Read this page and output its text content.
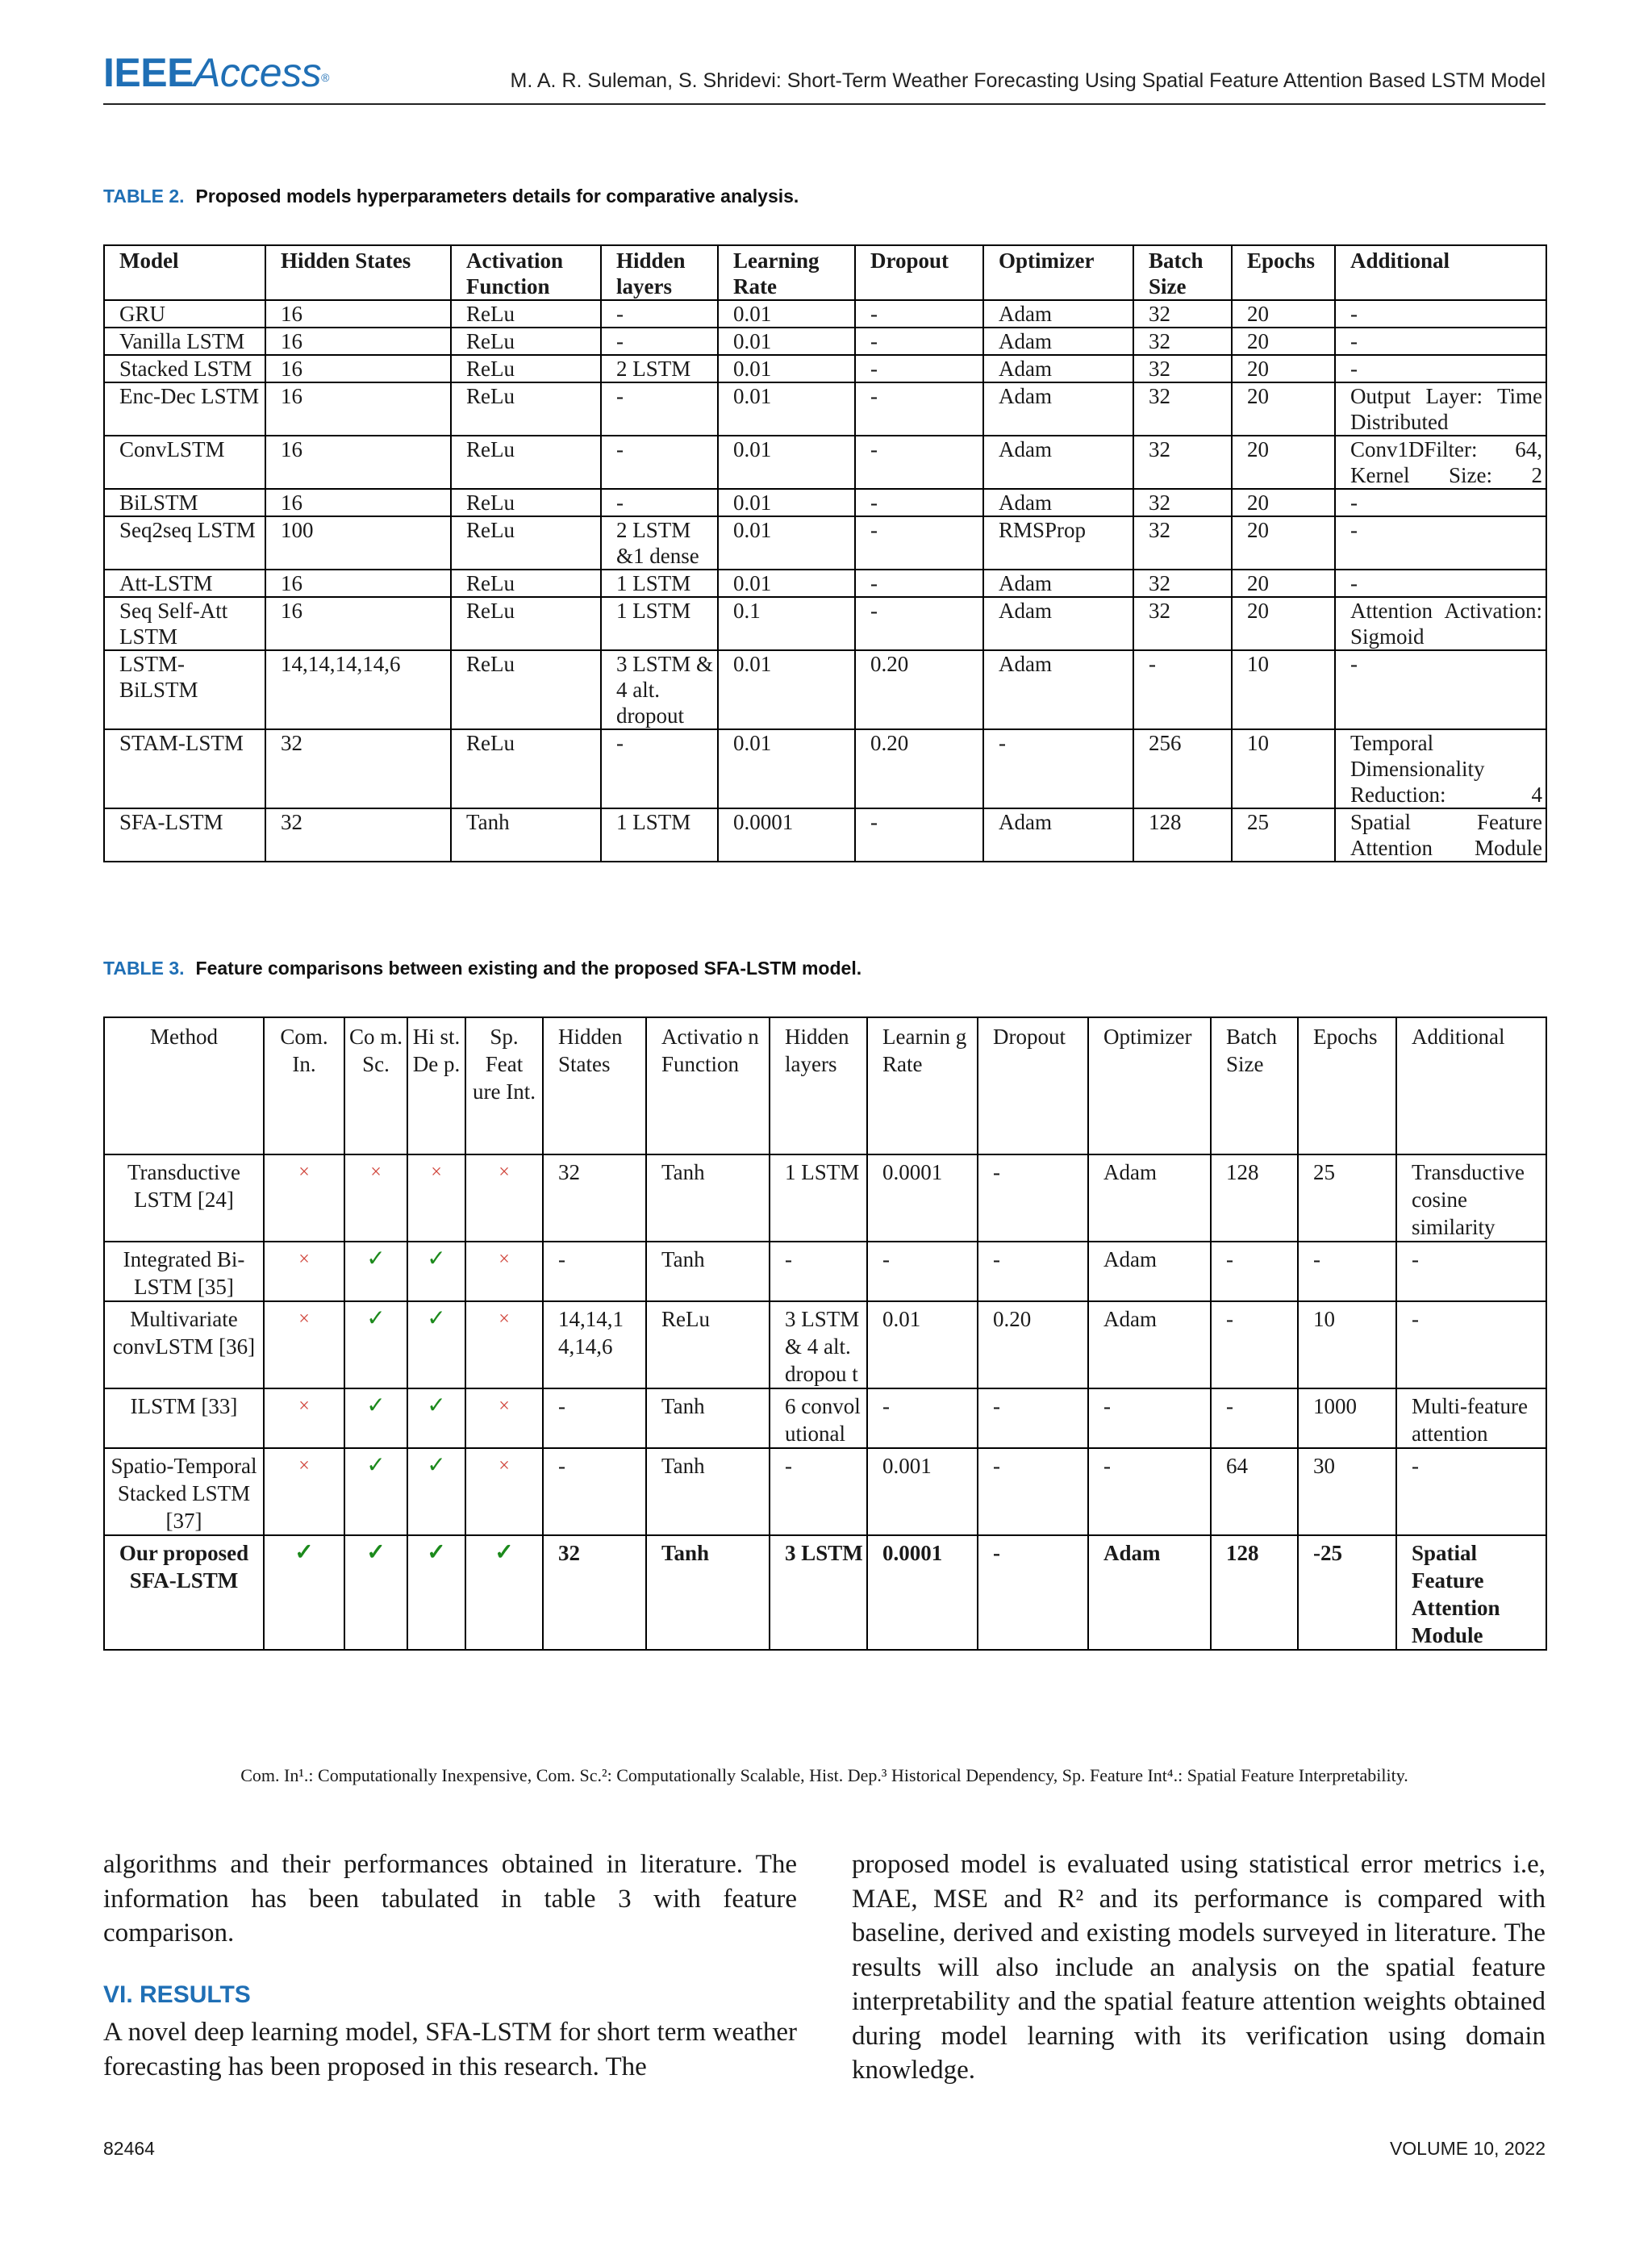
IEEEAccess®	M. A. R. Suleman, S. Shridevi: Short-Term Weather Forecasting Using Spatial Feature Attention Based LSTM Model
TABLE 2. Proposed models hyperparameters details for comparative analysis.
Model	Hidden States	Activation Function	Hidden layers	Learning Rate	Dropout	Optimizer	Batch Size	Epochs	Additional
GRU	16	ReLu	-	0.01	-	Adam	32	20	-
Vanilla LSTM	16	ReLu	-	0.01	-	Adam	32	20	-
Stacked LSTM	16	ReLu	2 LSTM	0.01	-	Adam	32	20	-
Enc-Dec LSTM	16	ReLu	-	0.01	-	Adam	32	20	Output Layer: Time Distributed
ConvLSTM	16	ReLu	-	0.01	-	Adam	32	20	Conv1DFilter: 64, Kernel Size: 2
BiLSTM	16	ReLu	-	0.01	-	Adam	32	20	-
Seq2seq LSTM	100	ReLu	2 LSTM &1 dense	0.01	-	RMSProp	32	20	-
Att-LSTM	16	ReLu	1 LSTM	0.01	-	Adam	32	20	-
Seq Self-Att LSTM	16	ReLu	1 LSTM	0.1	-	Adam	32	20	Attention Activation: Sigmoid
LSTM-BiLSTM	14,14,14,14,6	ReLu	3 LSTM & 4 alt. dropout	0.01	0.20	Adam	-	10	-
STAM-LSTM	32	ReLu	-	0.01	0.20	-	256	10	Temporal Dimensionality Reduction: 4
SFA-LSTM	32	Tanh	1 LSTM	0.0001	-	Adam	128	25	Spatial Feature Attention Module
TABLE 3. Feature comparisons between existing and the proposed SFA-LSTM model.
Method	Com. In.	Co m. Sc.	Hi st. De p.	Sp. Feat ure Int.	Hidden States	Activatio n Function	Hidden layers	Learnin g Rate	Dropout	Optimizer	Batch Size	Epochs	Additional
Transductive LSTM [24]	×	×	×	×	32	Tanh	1 LSTM	0.0001	-	Adam	128	25	Transductive cosine similarity
Integrated Bi-LSTM [35]	×	✓	✓	×	-	Tanh	-	-	-	Adam	-	-	-
Multivariate convLSTM [36]	×	✓	✓	×	14,14,1 4,14,6	ReLu	3 LSTM & 4 alt. dropou t	0.01	0.20	Adam	-	10	-
ILSTM [33]	×	✓	✓	×	-	Tanh	6 convol utional	-	-	-	-	1000	Multi-feature attention
Spatio-Temporal Stacked LSTM [37]	×	✓	✓	×	-	Tanh	-	0.001	-	-	64	30	-
Our proposed SFA-LSTM	✓	✓	✓	✓	32	Tanh	3 LSTM	0.0001	-	Adam	128	-25	Spatial Feature Attention Module
Com. In¹.: Computationally Inexpensive, Com. Sc.²: Computationally Scalable, Hist. Dep.³ Historical Dependency, Sp. Feature Int⁴.: Spatial Feature Interpretability.

algorithms and their performances obtained in literature. The information has been tabulated in table 3 with feature comparison.

VI. RESULTS

A novel deep learning model, SFA-LSTM for short term weather forecasting has been proposed in this research. The

proposed model is evaluated using statistical error metrics i.e, MAE, MSE and R² and its performance is compared with baseline, derived and existing models surveyed in literature. The results will also include an analysis on the spatial feature interpretability and the spatial feature attention weights obtained during model learning with its verification using domain knowledge.

82464	VOLUME 10, 2022
